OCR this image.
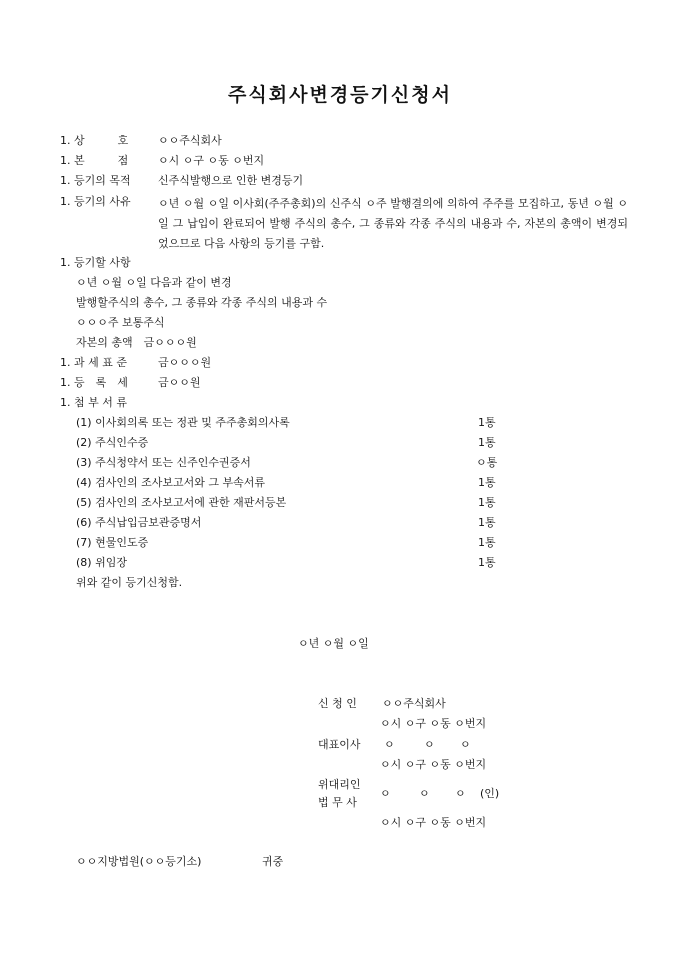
주식회사변경등기신청서
1. 상　　　호	ㅇㅇ주식회사
1. 본　　　점	ㅇ시 ㅇ구 ㅇ동 ㅇ번지
1. 등기의 목적 신주식발행으로 인한 변경등기
1. 등기의 사유 ㅇ년 ㅇ월 ㅇ일 이사회(주주총회)의 신주식 ㅇ주 발행결의에 의하여 주주를 모집하고, 동년 ㅇ월 ㅇ일 그 납입이 완료되어 발행 주식의 총수, 그 종류와 각종 주식의 내용과 수, 자본의 총액이 변경되었으므로 다음 사항의 등기를 구함.
1. 등기할 사항
ㅇ년 ㅇ월 ㅇ일 다음과 같이 변경
발행할주식의 총수, 그 종류와 각종 주식의 내용과 수
ㅇㅇㅇ주 보통주식
자본의 총액　금ㅇㅇㅇ원
1. 과 세 표 준	금ㅇㅇㅇ원
1. 등　록　세	금ㅇㅇ원
1. 첨 부 서 류
(1) 이사회의록 또는 정관 및 주주총회의사록	1통
(2) 주식인수증	1통
(3) 주식청약서 또는 신주인수권증서	ㅇ통
(4) 검사인의 조사보고서와 그 부속서류	1통
(5) 검사인의 조사보고서에 관한 재판서등본	1통
(6) 주식납입금보관증명서	1통
(7) 현물인도증	1통
(8) 위임장	1통
위와 같이 등기신청함.
ㅇ년 ㅇ월 ㅇ일
신 청 인 ㅇㅇ주식회사
ㅇ시 ㅇ구 ㅇ동 ㅇ번지
대표이사 ㅇ	ㅇ ㅇ
ㅇ시 ㅇ구 ㅇ동 ㅇ번지
위대리인
법 무 사
ㅇ	ㅇ ㅇ (인)
ㅇ시 ㅇ구 ㅇ동 ㅇ번지
ㅇㅇ지방법원(ㅇㅇ등기소)	귀중
